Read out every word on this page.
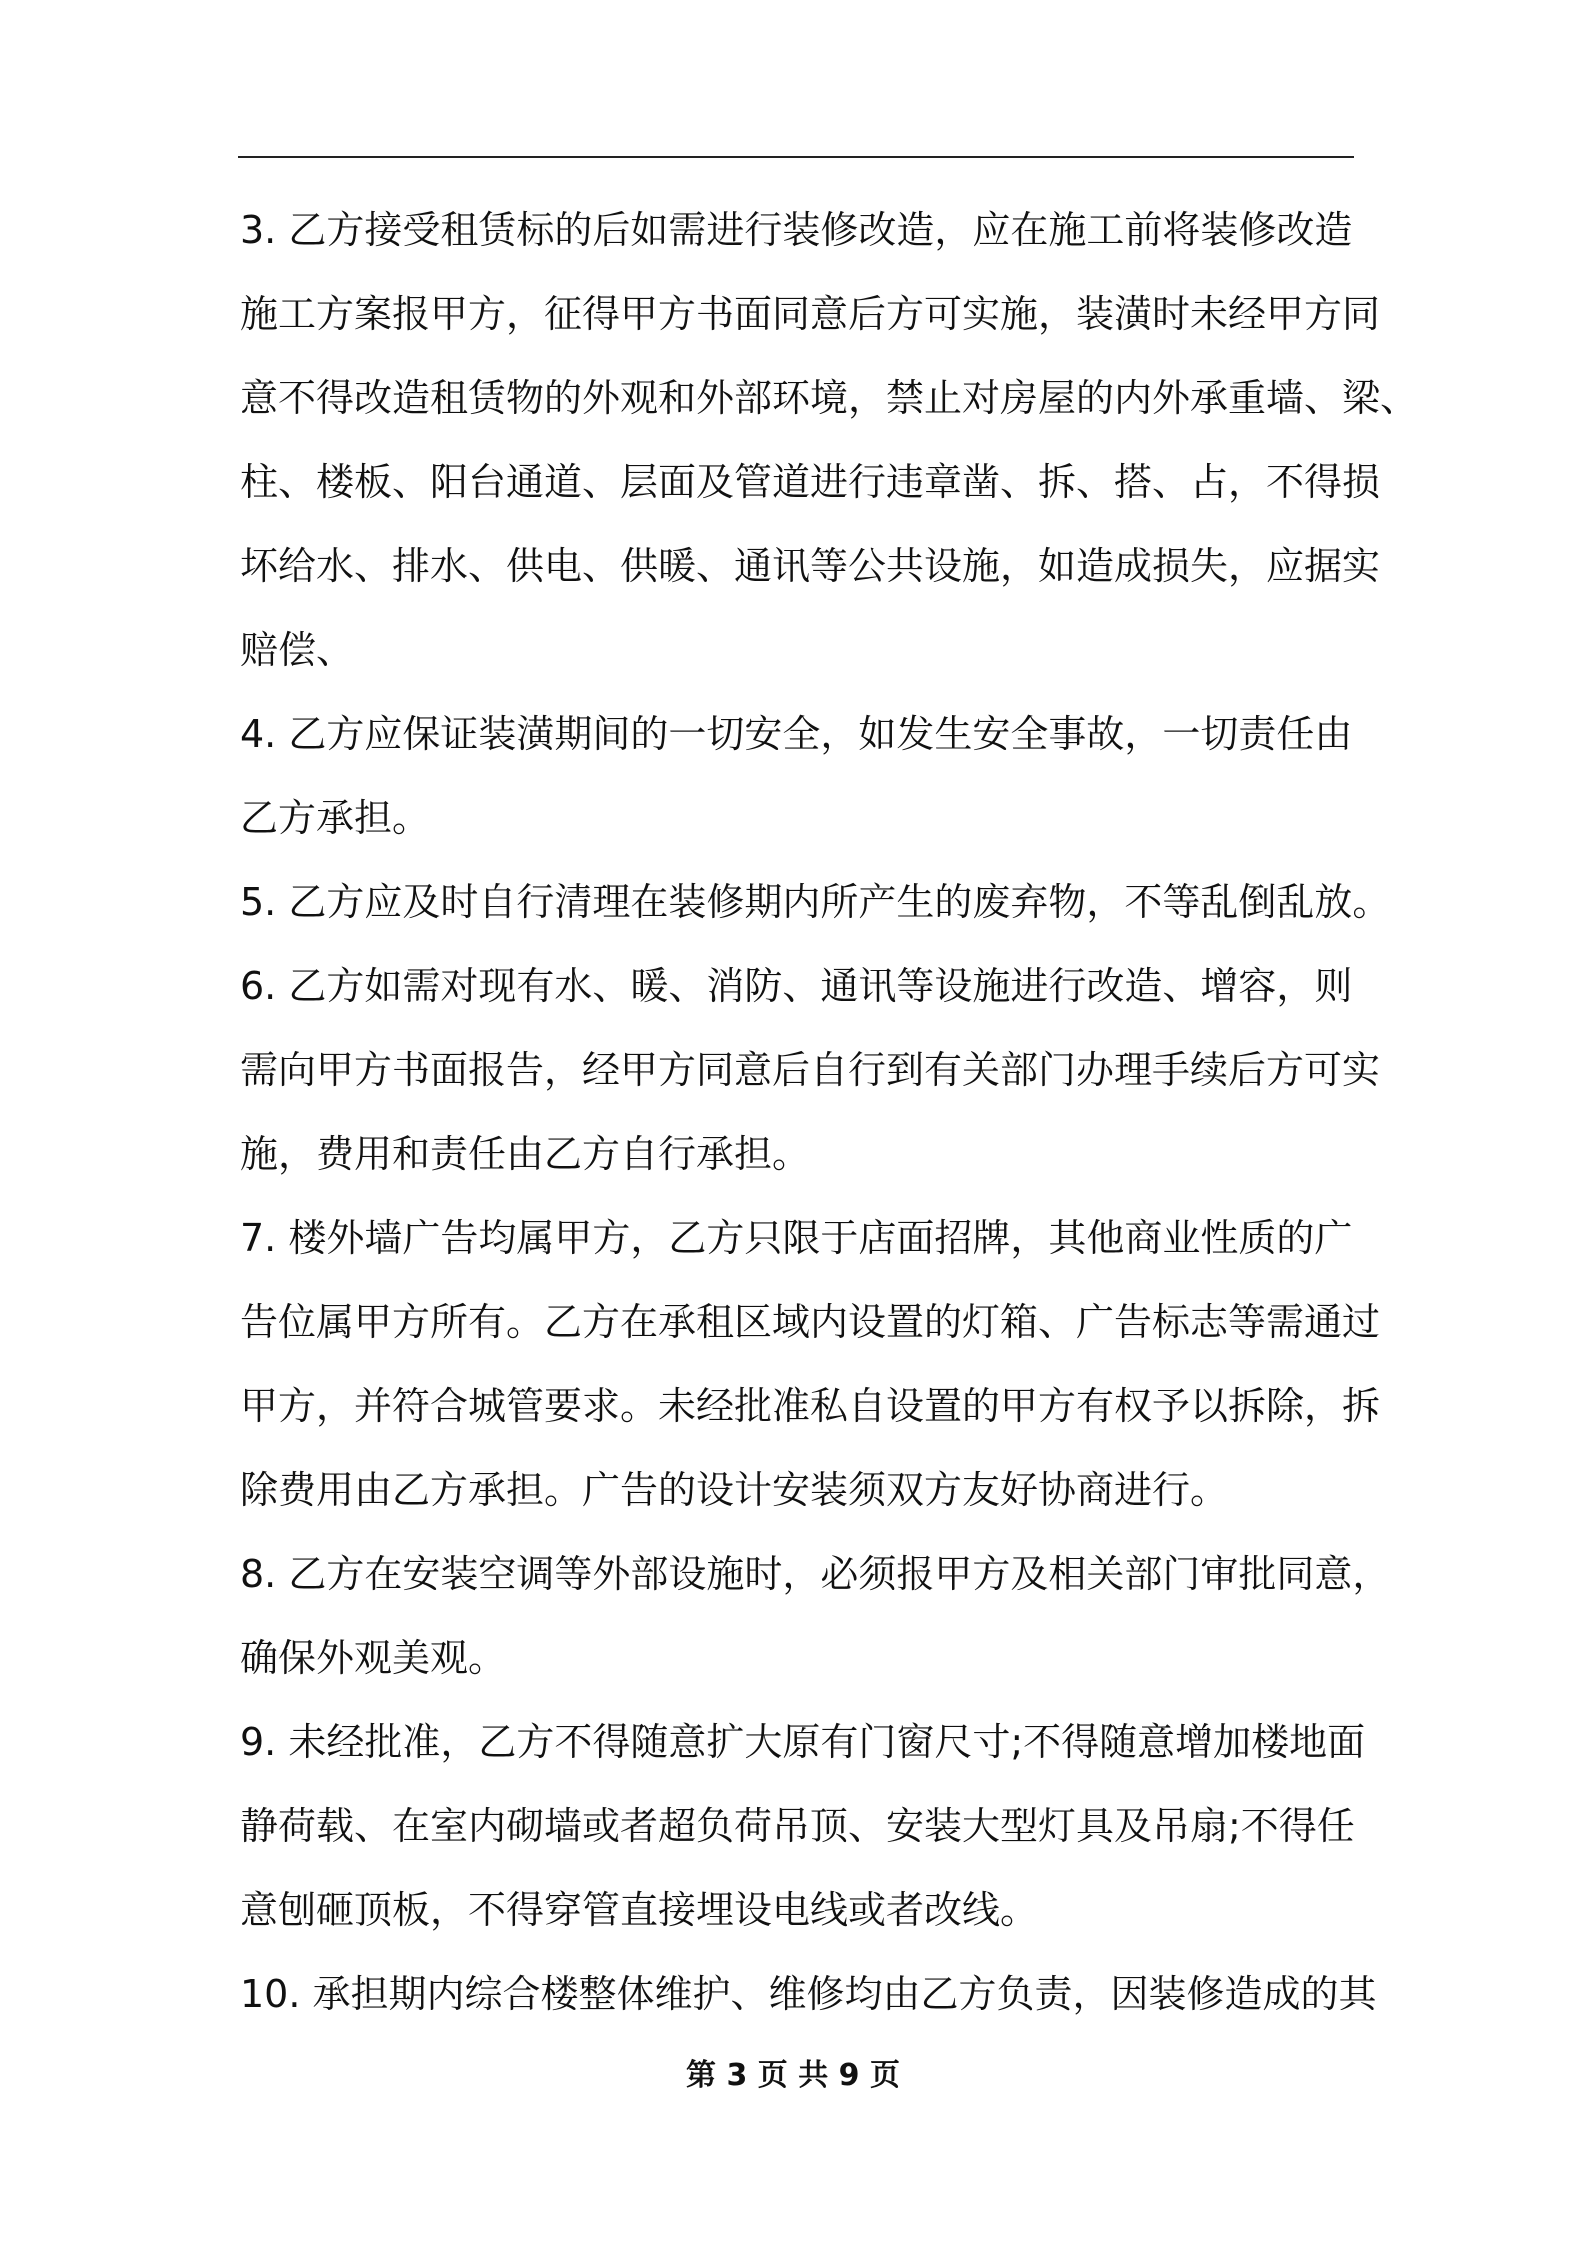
3. 乙方接受租赁标的后如需进行装修改造，应在施工前将装修改造
施工方案报甲方，征得甲方书面同意后方可实施，装潢时未经甲方同
意不得改造租赁物的外观和外部环境，禁止对房屋的内外承重墙、梁、
柱、楼板、阳台通道、层面及管道进行违章凿、拆、搭、占，不得损
坏给水、排水、供电、供暖、通讯等公共设施，如造成损失，应据实
赔偿、
4. 乙方应保证装潢期间的一切安全，如发生安全事故，一切责任由
乙方承担。
5. 乙方应及时自行清理在装修期内所产生的废弃物，不等乱倒乱放。
6. 乙方如需对现有水、暖、消防、通讯等设施进行改造、增容，则
需向甲方书面报告，经甲方同意后自行到有关部门办理手续后方可实
施，费用和责任由乙方自行承担。
7. 楼外墙广告均属甲方，乙方只限于店面招牌，其他商业性质的广
告位属甲方所有。乙方在承租区域内设置的灯箱、广告标志等需通过
甲方，并符合城管要求。未经批准私自设置的甲方有权予以拆除，拆
除费用由乙方承担。广告的设计安装须双方友好协商进行。
8. 乙方在安装空调等外部设施时，必须报甲方及相关部门审批同意，
确保外观美观。
9. 未经批准，乙方不得随意扩大原有门窗尺寸;不得随意增加楼地面
静荷载、在室内砌墙或者超负荷吊顶、安装大型灯具及吊扇;不得任
意刨砸顶板，不得穿管直接埋设电线或者改线。
10. 承担期内综合楼整体维护、维修均由乙方负责，因装修造成的其
第 3 页 共 9 页
